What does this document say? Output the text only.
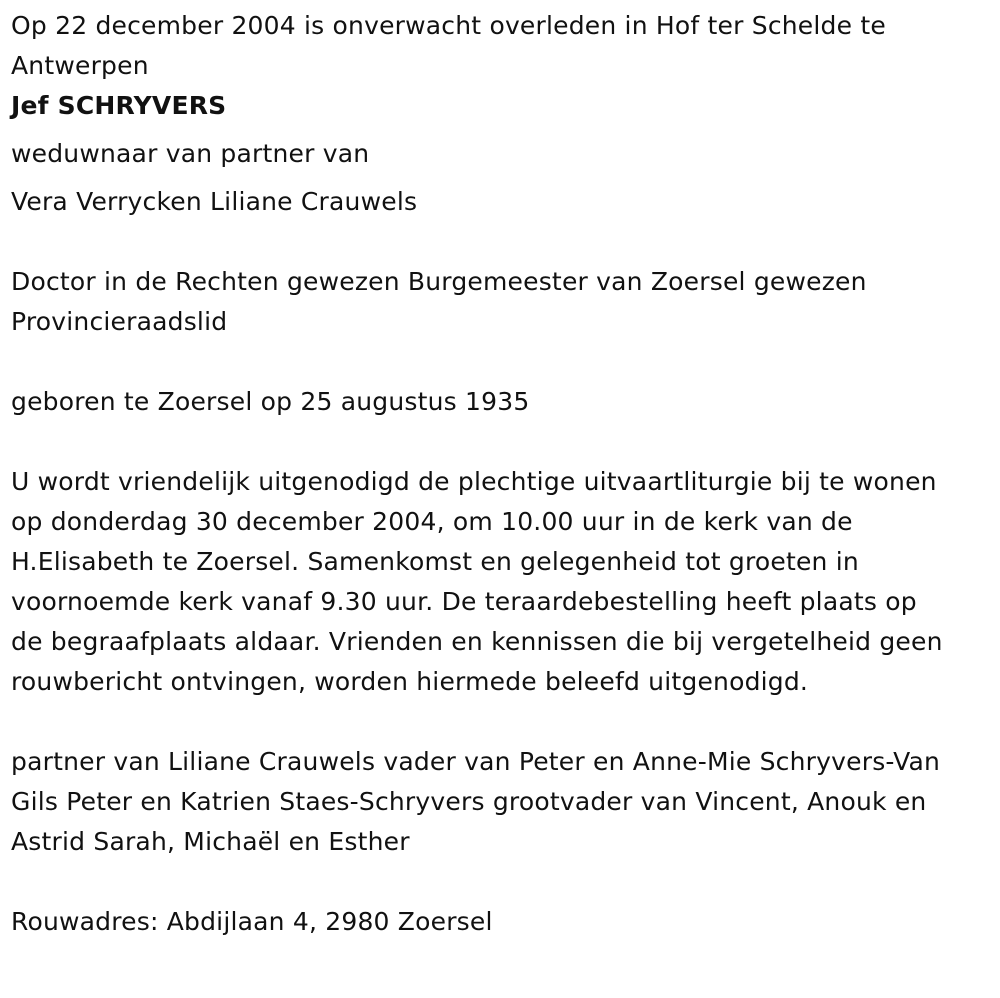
Op 22 december 2004 is onverwacht overleden in Hof ter Schelde te

Antwerpen

Jef SCHRYVERS

weduwnaar van partner van

Vera Verrycken Liliane Crauwels

Doctor in de Rechten gewezen Burgemeester van Zoersel gewezen

Provincieraadslid

geboren te Zoersel op 25 augustus 1935

U wordt vriendelijk uitgenodigd de plechtige uitvaartliturgie bij te wonen

op donderdag 30 december 2004, om 10.00 uur in de kerk van de

H.Elisabeth te Zoersel. Samenkomst en gelegenheid tot groeten in

voornoemde kerk vanaf 9.30 uur. De teraardebestelling heeft plaats op

de begraafplaats aldaar. Vrienden en kennissen die bij vergetelheid geen

rouwbericht ontvingen, worden hiermede beleefd uitgenodigd.

partner van Liliane Crauwels vader van Peter en Anne-Mie Schryvers-Van

Gils Peter en Katrien Staes-Schryvers grootvader van Vincent, Anouk en

Astrid Sarah, Michaël en Esther

Rouwadres: Abdijlaan 4, 2980 Zoersel
